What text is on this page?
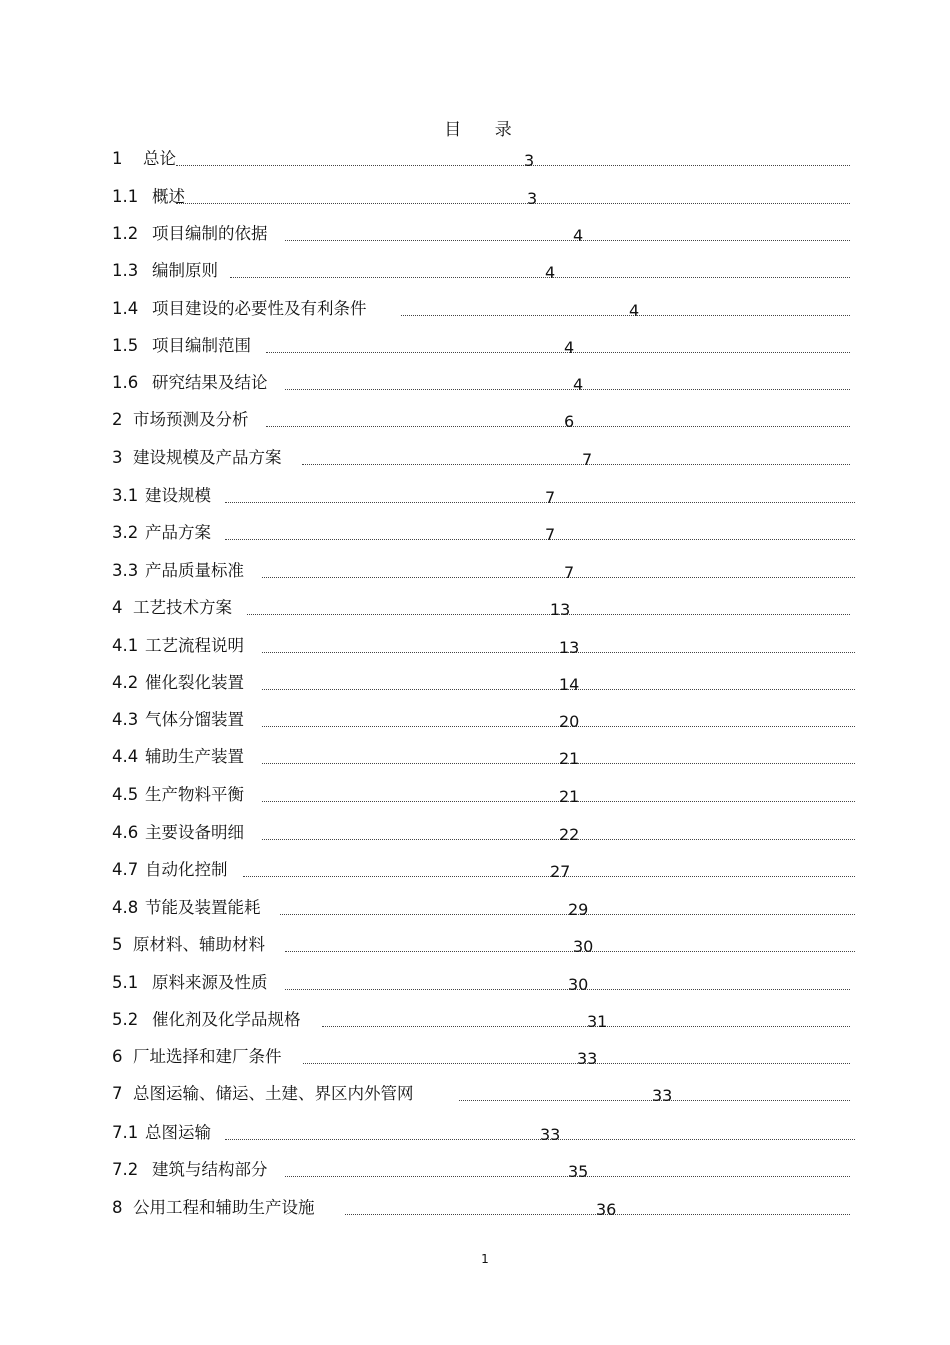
目 录
1 总论	3
1.1 概述	3
1.2 项目编制的依据	4
1.3 编制原则	4
1.4 项目建设的必要性及有利条件	4
1.5 项目编制范围	4
1.6 研究结果及结论	4
2 市场预测及分析	6
3 建设规模及产品方案	7
3.1 建设规模	7
3.2 产品方案	7
3.3 产品质量标准	7
4 工艺技术方案	13
4.1 工艺流程说明	13
4.2 催化裂化装置	14
4.3 气体分馏装置	20
4.4 辅助生产装置	21
4.5 生产物料平衡	21
4.6 主要设备明细	22
4.7 自动化控制	27
4.8 节能及装置能耗	29
5 原材料、辅助材料	30
5.1 原料来源及性质	30
5.2 催化剂及化学品规格	31
6 厂址选择和建厂条件	33
7 总图运输、储运、土建、界区内外管网	33
7.1 总图运输	33
7.2 建筑与结构部分	35
8 公用工程和辅助生产设施	36
1
